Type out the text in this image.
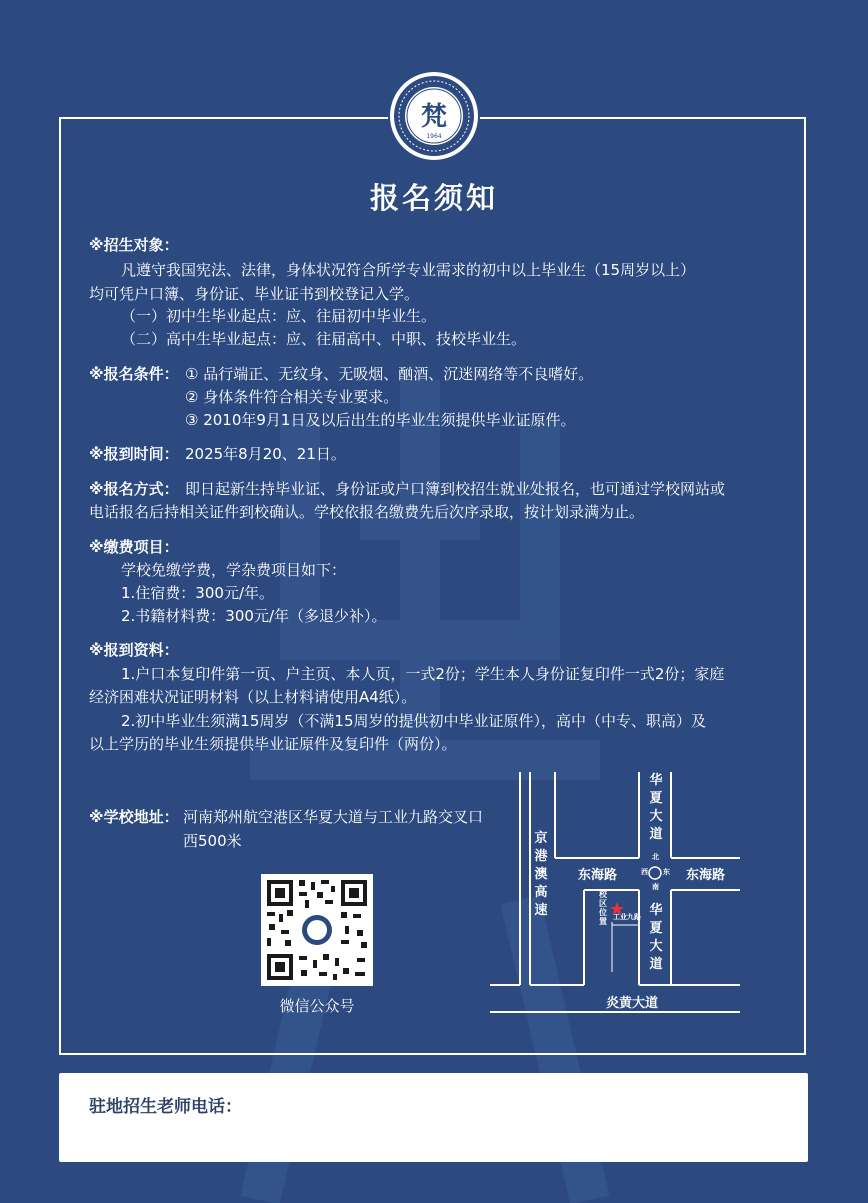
梵
1964
报名须知
※招生对象：
凡遵守我国宪法、法律，身体状况符合所学专业需求的初中以上毕业生（15周岁以上）
均可凭户口簿、身份证、毕业证书到校登记入学。
（一）初中生毕业起点：应、往届初中毕业生。
（二）高中生毕业起点：应、往届高中、中职、技校毕业生。
※报名条件： ① 品行端正、无纹身、无吸烟、酗酒、沉迷网络等不良嗜好。
② 身体条件符合相关专业要求。
③ 2010年9月1日及以后出生的毕业生须提供毕业证原件。
※报到时间： 2025年8月20、21日。
※报名方式： 即日起新生持毕业证、身份证或户口簿到校招生就业处报名，也可通过学校网站或
电话报名后持相关证件到校确认。学校依报名缴费先后次序录取，按计划录满为止。
※缴费项目：
学校免缴学费，学杂费项目如下：
1.住宿费：300元/年。
2.书籍材料费：300元/年（多退少补）。
※报到资料：
1.户口本复印件第一页、户主页、本人页，一式2份；学生本人身份证复印件一式2份；家庭
经济困难状况证明材料（以上材料请使用A4纸）。
2.初中毕业生须满15周岁（不满15周岁的提供初中毕业证原件），高中（中专、职高）及
以上学历的毕业生须提供毕业证原件及复印件（两份）。
※学校地址： 河南郑州航空港区华夏大道与工业九路交叉口
西500米
微信公众号
京港澳高速
华夏大道
华夏大道
东海路	东海路
炎黄大道
校区位置 工业九路
北
南
东
西
驻地招生老师电话：
